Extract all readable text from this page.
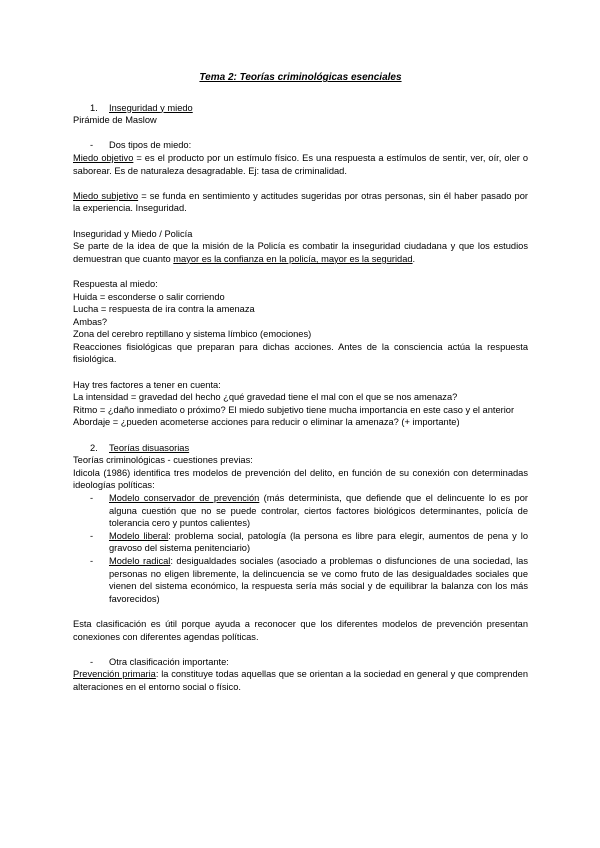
Tema 2: Teorías criminológicas esenciales

1.	Inseguridad y miedo

Pirámide de Maslow

-	Dos tipos de miedo:

Miedo objetivo = es el producto por un estímulo físico. Es una respuesta a estímulos de sentir, ver, oír, oler o saborear. Es de naturaleza desagradable. Ej: tasa de criminalidad.

Miedo subjetivo = se funda en sentimiento y actitudes sugeridas por otras personas, sin él haber pasado por la experiencia. Inseguridad.

Inseguridad y Miedo / Policía

Se parte de la idea de que la misión de la Policía es combatir la inseguridad ciudadana y que los estudios demuestran que cuanto mayor es la confianza en la policía, mayor es la seguridad.

Respuesta al miedo:

Huida = esconderse o salir corriendo

Lucha = respuesta de ira contra la amenaza

Ambas?

Zona del cerebro reptillano y sistema límbico (emociones)

Reacciones fisiológicas que preparan para dichas acciones. Antes de la consciencia actúa la respuesta fisiológica.

Hay tres factores a tener en cuenta:

La intensidad = gravedad del hecho ¿qué gravedad tiene el mal con el que se nos amenaza?

Ritmo = ¿daño inmediato o próximo? El miedo subjetivo tiene mucha importancia en este caso y el anterior

Abordaje = ¿pueden acometerse acciones para reducir o eliminar la amenaza? (+ importante)

2.	Teorías disuasorias

Teorías criminológicas - cuestiones previas:

Idicola (1986) identifica tres modelos de prevención del delito, en función de su conexión con determinadas ideologías políticas:

-	Modelo conservador de prevención (más determinista, que defiende que el delincuente lo es por alguna cuestión que no se puede controlar, ciertos factores biológicos determinantes, policía de tolerancia cero y puntos calientes)
-	Modelo liberal: problema social, patología (la persona es libre para elegir, aumentos de pena y lo gravoso del sistema penitenciario)
-	Modelo radical: desigualdades sociales (asociado a problemas o disfunciones de una sociedad, las personas no eligen libremente, la delincuencia se ve como fruto de las desigualdades sociales que vienen del sistema económico, la respuesta sería más social y de equilibrar la balanza con los más favorecidos)

Esta clasificación es útil porque ayuda a reconocer que los diferentes modelos de prevención presentan conexiones con diferentes agendas políticas.

-	Otra clasificación importante:

Prevención primaria: la constituye todas aquellas que se orientan a la sociedad en general y que comprenden alteraciones en el entorno social o físico.
